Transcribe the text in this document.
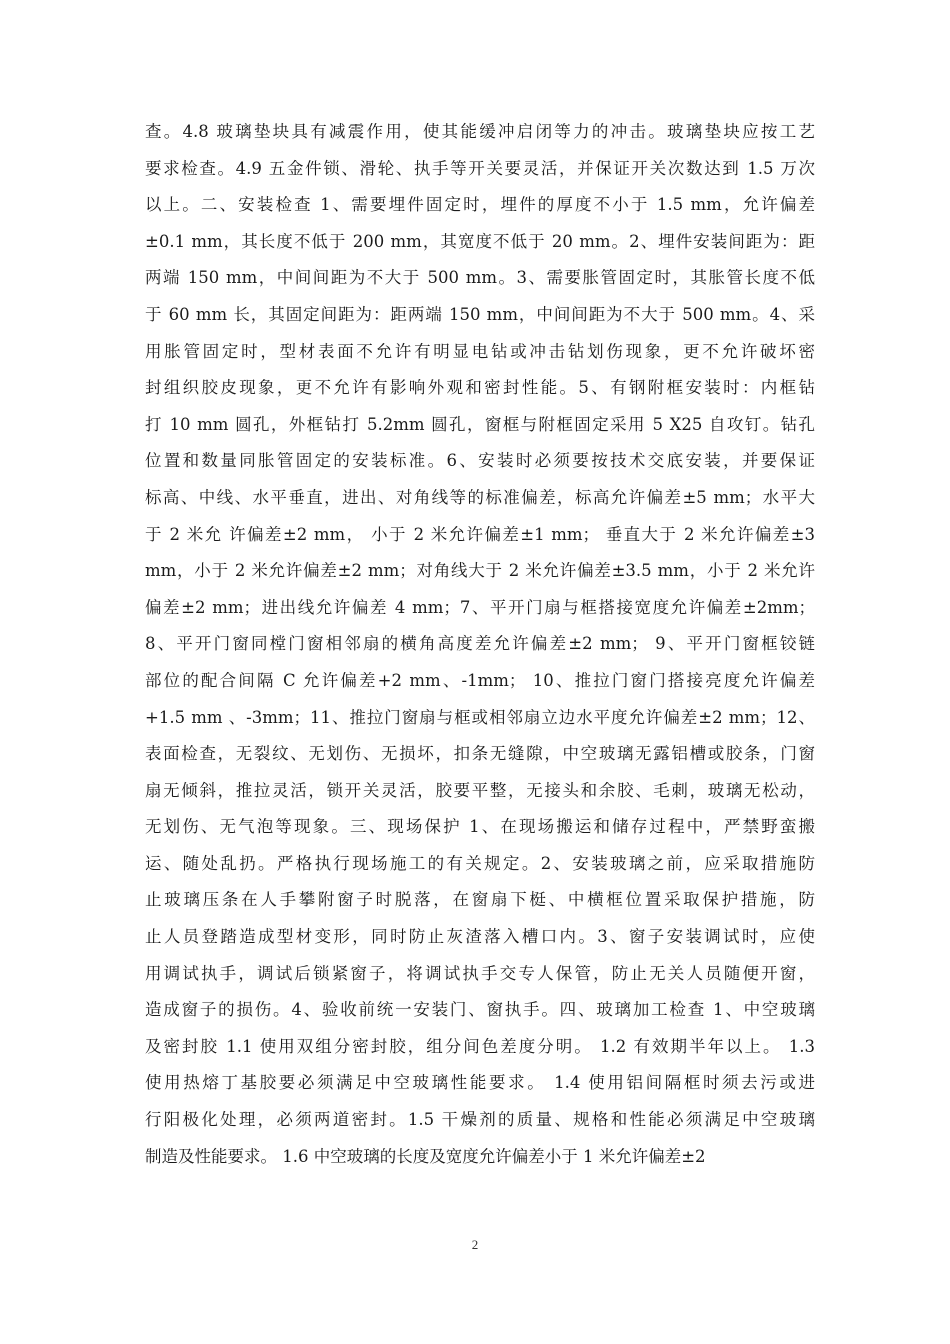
查。4.8 玻璃垫块具有减震作用，使其能缓冲启闭等力的冲击。玻璃垫块应按工艺
要求检查。4.9 五金件锁、滑轮、执手等开关要灵活，并保证开关次数达到 1.5 万次
以上。二、安装检查 1、需要埋件固定时，埋件的厚度不小于 1.5 mm，允许偏差
±0.1 mm，其长度不低于 200 mm，其宽度不低于 20 mm。2、埋件安装间距为：距
两端 150 mm，中间间距为不大于 500 mm。3、需要胀管固定时，其胀管长度不低
于 60 mm 长，其固定间距为：距两端 150 mm，中间间距为不大于 500 mm。4、采
用胀管固定时，型材表面不允许有明显电钻或冲击钻划伤现象，更不允许破坏密
封组织胶皮现象，更不允许有影响外观和密封性能。5、有钢附框安装时：内框钻
打 10 mm 圆孔，外框钻打 5.2mm 圆孔，窗框与附框固定采用 5 X25 自攻钉。钻孔
位置和数量同胀管固定的安装标准。6、安装时必须要按技术交底安装，并要保证
标高、中线、水平垂直，进出、对角线等的标准偏差，标高允许偏差±5 mm；水平大
于 2 米允 许偏差±2 mm， 小于 2 米允许偏差±1 mm； 垂直大于 2 米允许偏差±3
mm，小于 2 米允许偏差±2 mm；对角线大于 2 米允许偏差±3.5 mm，小于 2 米允许
偏差±2 mm；进出线允许偏差 4 mm；7、平开门扇与框搭接宽度允许偏差±2mm；
8、平开门窗同樘门窗相邻扇的横角高度差允许偏差±2 mm； 9、平开门窗框铰链
部位的配合间隔 C 允许偏差+2 mm、-1mm； 10、推拉门窗门搭接亮度允许偏差
+1.5 mm 、-3mm；11、推拉门窗扇与框或相邻扇立边水平度允许偏差±2 mm；12、
表面检查，无裂纹、无划伤、无损坏，扣条无缝隙，中空玻璃无露铝槽或胶条，门窗
扇无倾斜，推拉灵活，锁开关灵活，胶要平整，无接头和余胶、毛刺，玻璃无松动，
无划伤、无气泡等现象。三、现场保护 1、在现场搬运和储存过程中，严禁野蛮搬
运、随处乱扔。严格执行现场施工的有关规定。2、安装玻璃之前，应采取措施防
止玻璃压条在人手攀附窗子时脱落，在窗扇下梃、中横框位置采取保护措施，防
止人员登踏造成型材变形，同时防止灰渣落入槽口内。3、窗子安装调试时，应使
用调试执手，调试后锁紧窗子，将调试执手交专人保管，防止无关人员随便开窗，
造成窗子的损伤。4、验收前统一安装门、窗执手。四、玻璃加工检查 1、中空玻璃
及密封胶 1.1 使用双组分密封胶，组分间色差度分明。 1.2 有效期半年以上。 1.3
使用热熔丁基胶要必须满足中空玻璃性能要求。 1.4 使用铝间隔框时须去污或进
行阳极化处理，必须两道密封。1.5 干燥剂的质量、规格和性能必须满足中空玻璃
制造及性能要求。 1.6 中空玻璃的长度及宽度允许偏差小于 1 米允许偏差±2
2
